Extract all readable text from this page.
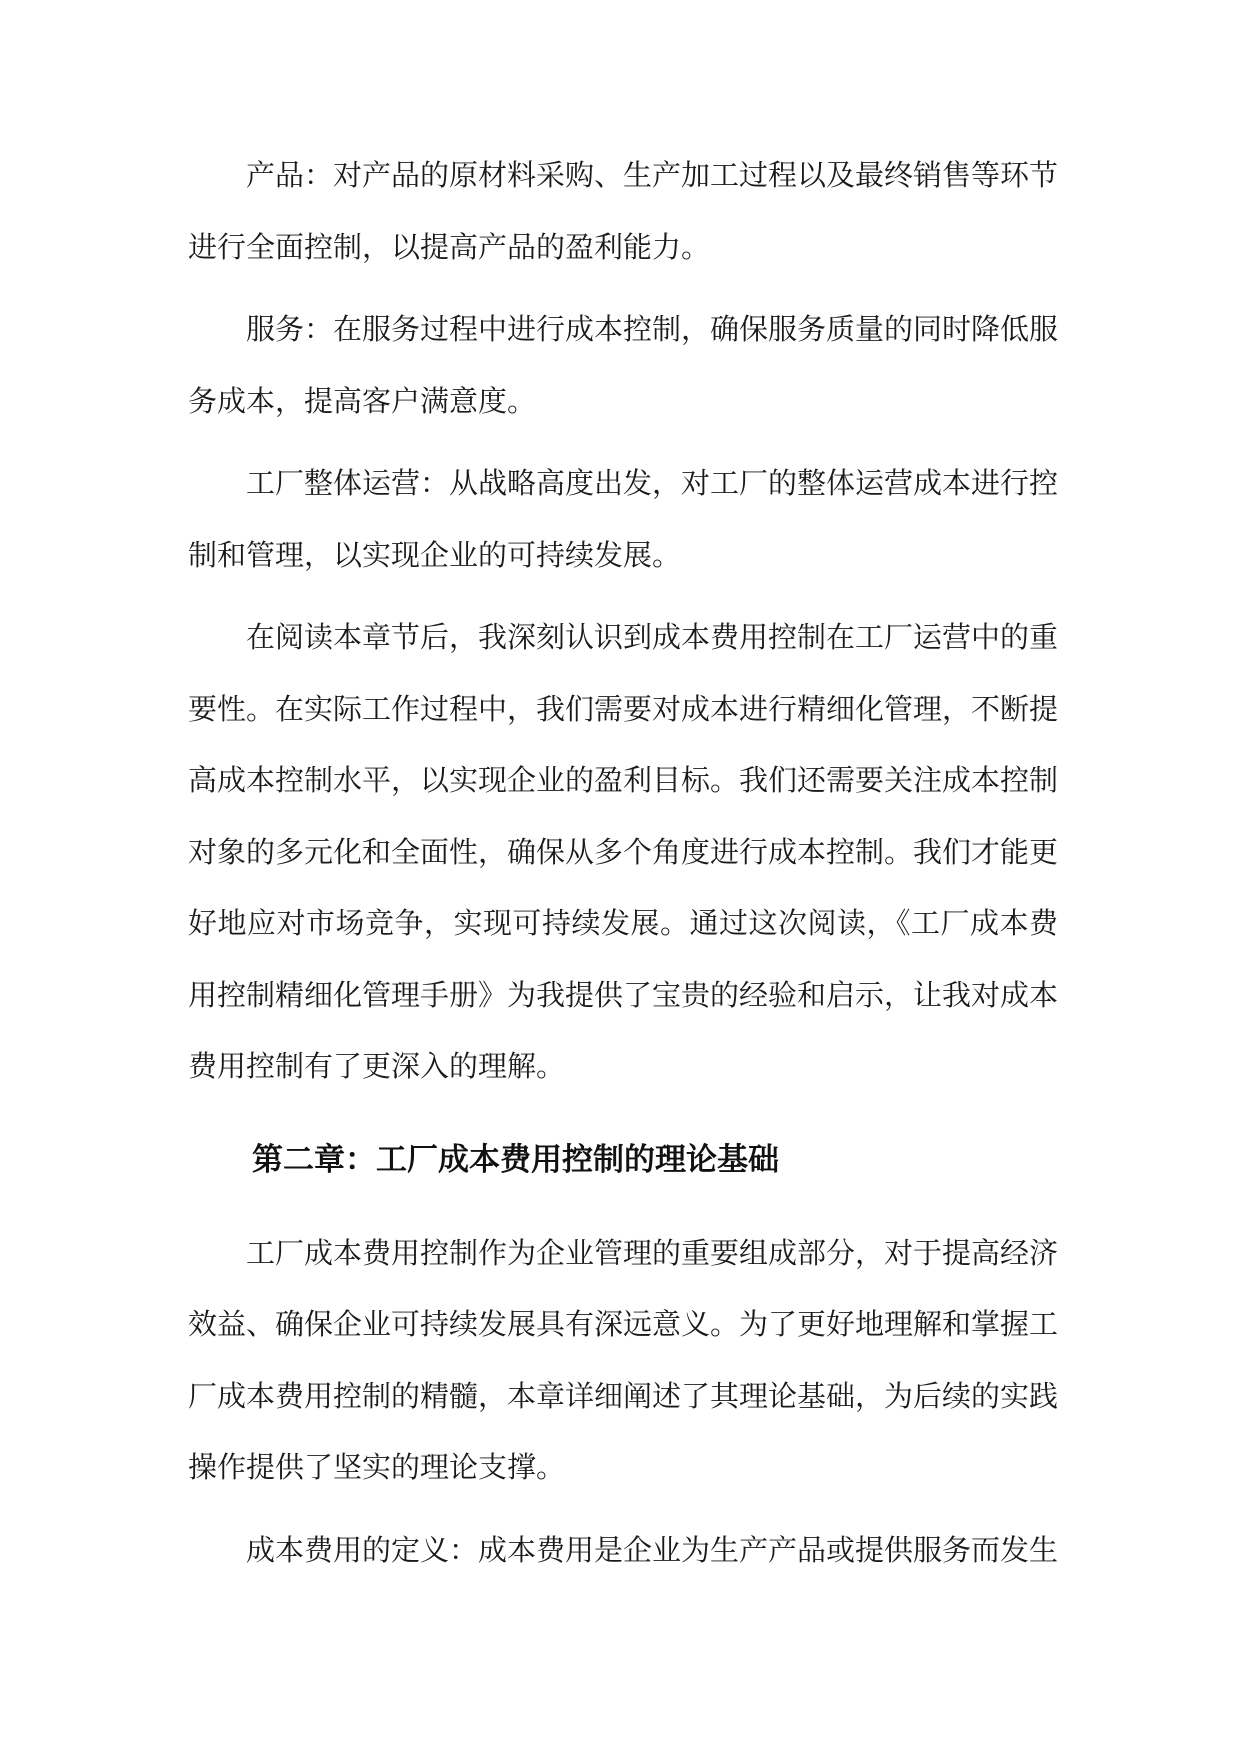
产品：对产品的原材料采购、生产加工过程以及最终销售等环节进行全面控制，以提高产品的盈利能力。

服务：在服务过程中进行成本控制，确保服务质量的同时降低服务成本，提高客户满意度。

工厂整体运营：从战略高度出发，对工厂的整体运营成本进行控制和管理，以实现企业的可持续发展。

在阅读本章节后，我深刻认识到成本费用控制在工厂运营中的重要性。在实际工作过程中，我们需要对成本进行精细化管理，不断提高成本控制水平，以实现企业的盈利目标。我们还需要关注成本控制对象的多元化和全面性，确保从多个角度进行成本控制。我们才能更好地应对市场竞争，实现可持续发展。通过这次阅读，《工厂成本费用控制精细化管理手册》为我提供了宝贵的经验和启示，让我对成本费用控制有了更深入的理解。

第二章：工厂成本费用控制的理论基础

工厂成本费用控制作为企业管理的重要组成部分，对于提高经济效益、确保企业可持续发展具有深远意义。为了更好地理解和掌握工厂成本费用控制的精髓，本章详细阐述了其理论基础，为后续的实践操作提供了坚实的理论支撑。

成本费用的定义：成本费用是企业为生产产品或提供服务而发生
